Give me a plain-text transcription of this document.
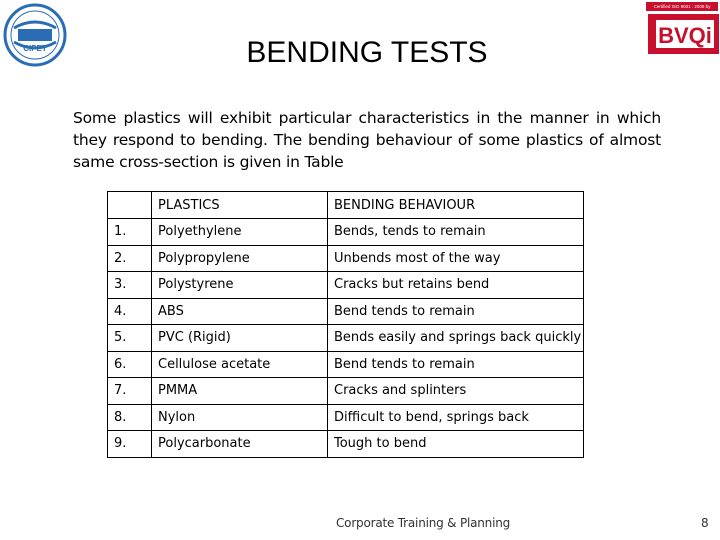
CIPET
BVQi
Certified ISO 9001 : 2008 by
BENDING TESTS
Some plastics will exhibit particular characteristics in the manner in which they respond to bending. The bending behaviour of some plastics of almost same cross-section is given in Table
	PLASTICS	BENDING BEHAVIOUR
1.	Polyethylene	Bends, tends to remain
2.	Polypropylene	Unbends most of the way
3.	Polystyrene	Cracks but retains bend
4.	ABS	Bend tends to remain
5.	PVC (Rigid)	Bends easily and springs back quickly
6.	Cellulose acetate	Bend tends to remain
7.	PMMA	Cracks and splinters
8.	Nylon	Difficult to bend, springs back
9.	Polycarbonate	Tough to bend
Corporate Training & Planning	8
